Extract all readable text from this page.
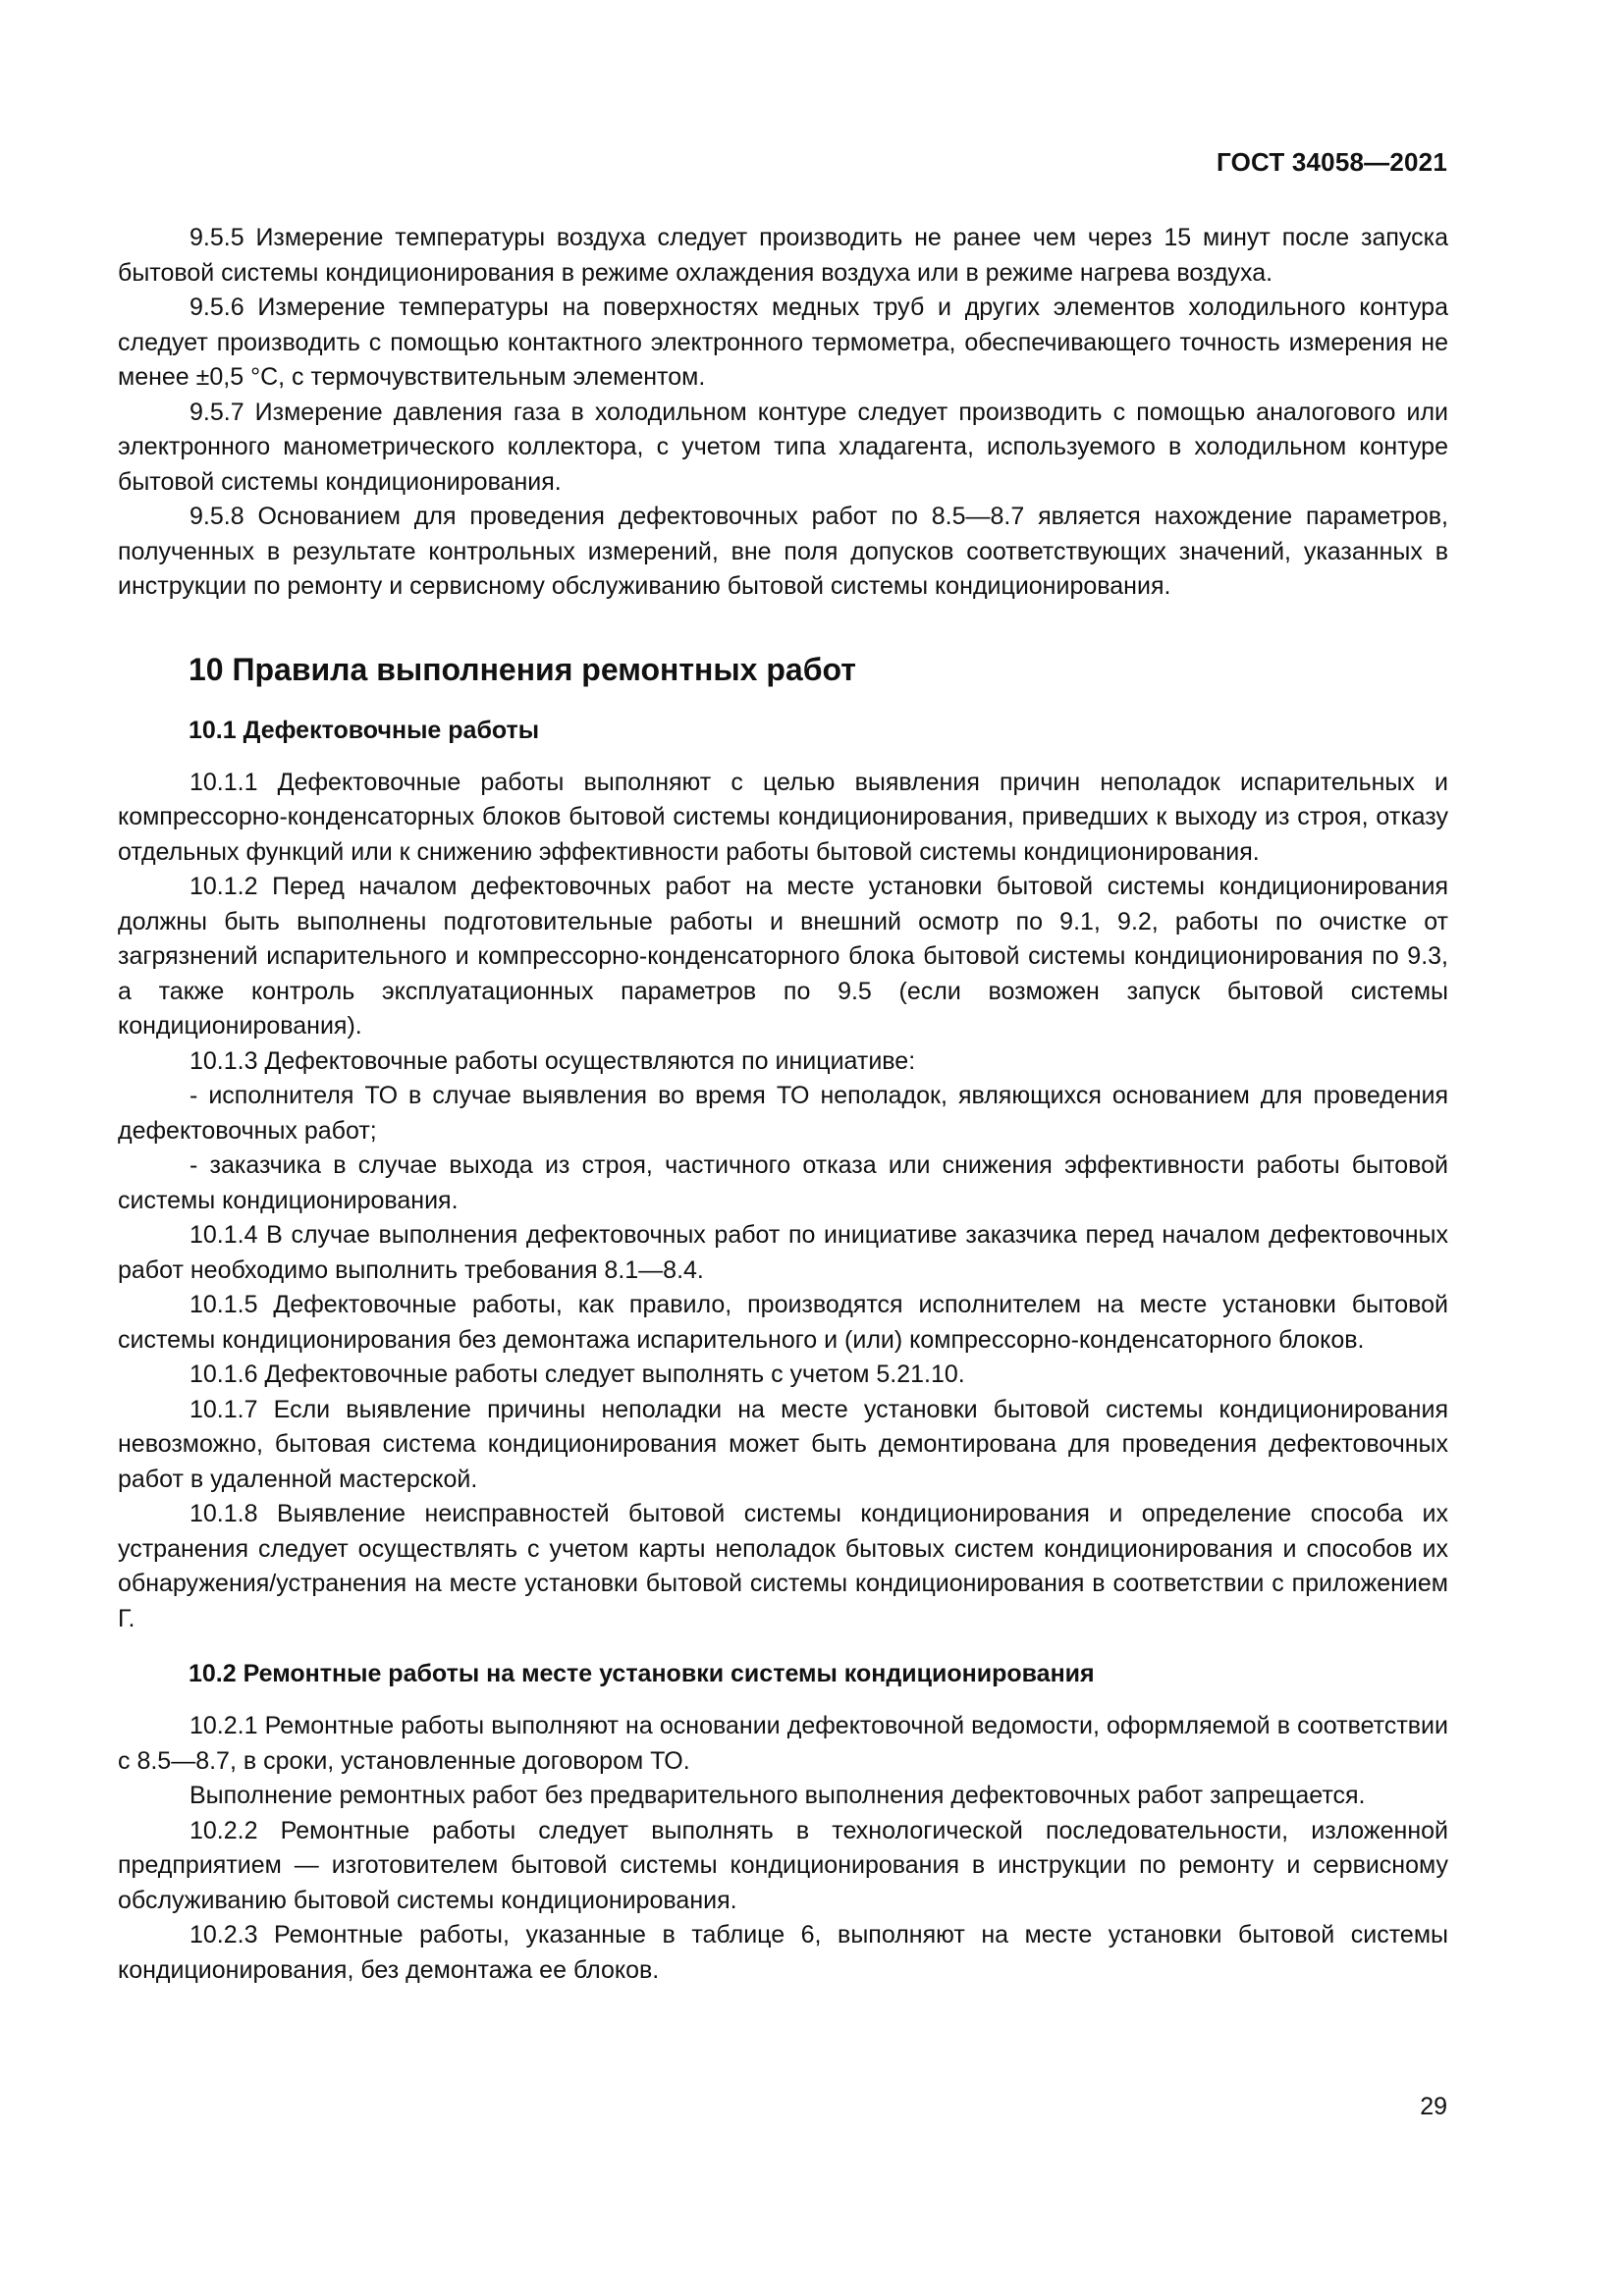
ГОСТ 34058—2021

9.5.5 Измерение температуры воздуха следует производить не ранее чем через 15 минут после запуска бытовой системы кондиционирования в режиме охлаждения воздуха или в режиме нагрева воздуха.

9.5.6 Измерение температуры на поверхностях медных труб и других элементов холодильного контура следует производить с помощью контактного электронного термометра, обеспечивающего точность измерения не менее ±0,5 °С, с термочувствительным элементом.

9.5.7 Измерение давления газа в холодильном контуре следует производить с помощью аналогового или электронного манометрического коллектора, с учетом типа хладагента, используемого в холодильном контуре бытовой системы кондиционирования.

9.5.8 Основанием для проведения дефектовочных работ по 8.5—8.7 является нахождение параметров, полученных в результате контрольных измерений, вне поля допусков соответствующих значений, указанных в инструкции по ремонту и сервисному обслуживанию бытовой системы кондиционирования.

10 Правила выполнения ремонтных работ
10.1 Дефектовочные работы

10.1.1 Дефектовочные работы выполняют с целью выявления причин неполадок испарительных и компрессорно-конденсаторных блоков бытовой системы кондиционирования, приведших к выходу из строя, отказу отдельных функций или к снижению эффективности работы бытовой системы кондиционирования.

10.1.2 Перед началом дефектовочных работ на месте установки бытовой системы кондиционирования должны быть выполнены подготовительные работы и внешний осмотр по 9.1, 9.2, работы по очистке от загрязнений испарительного и компрессорно-конденсаторного блока бытовой системы кондиционирования по 9.3, а также контроль эксплуатационных параметров по 9.5 (если возможен запуск бытовой системы кондиционирования).

10.1.3 Дефектовочные работы осуществляются по инициативе:

- исполнителя ТО в случае выявления во время ТО неполадок, являющихся основанием для проведения дефектовочных работ;

- заказчика в случае выхода из строя, частичного отказа или снижения эффективности работы бытовой системы кондиционирования.

10.1.4 В случае выполнения дефектовочных работ по инициативе заказчика перед началом дефектовочных работ необходимо выполнить требования 8.1—8.4.

10.1.5 Дефектовочные работы, как правило, производятся исполнителем на месте установки бытовой системы кондиционирования без демонтажа испарительного и (или) компрессорно-конденсаторного блоков.

10.1.6 Дефектовочные работы следует выполнять с учетом 5.21.10.

10.1.7 Если выявление причины неполадки на месте установки бытовой системы кондиционирования невозможно, бытовая система кондиционирования может быть демонтирована для проведения дефектовочных работ в удаленной мастерской.

10.1.8 Выявление неисправностей бытовой системы кондиционирования и определение способа их устранения следует осуществлять с учетом карты неполадок бытовых систем кондиционирования и способов их обнаружения/устранения на месте установки бытовой системы кондиционирования в соответствии с приложением Г.

10.2 Ремонтные работы на месте установки системы кондиционирования

10.2.1 Ремонтные работы выполняют на основании дефектовочной ведомости, оформляемой в соответствии с 8.5—8.7, в сроки, установленные договором ТО.

Выполнение ремонтных работ без предварительного выполнения дефектовочных работ запрещается.

10.2.2 Ремонтные работы следует выполнять в технологической последовательности, изложенной предприятием — изготовителем бытовой системы кондиционирования в инструкции по ремонту и сервисному обслуживанию бытовой системы кондиционирования.

10.2.3 Ремонтные работы, указанные в таблице 6, выполняют на месте установки бытовой системы кондиционирования, без демонтажа ее блоков.

29
